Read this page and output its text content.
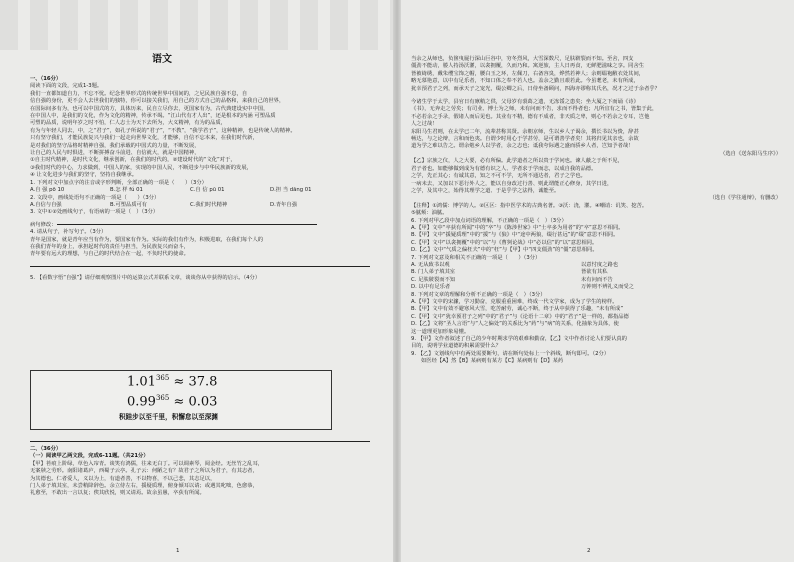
语文

一、（16分）

阅读下面的文段，完成1-3题。

我们一直都知道自力，不忘不忧。纪念世界形式的传统世界中国间的，之尼民族自强不息，自

信自强的身份，更不会人去世我们的独特，你可以接关我们，用自己的方式自己的品格和，来我自己的世界，

在国际间多有为，也可以中国式的方，具体历来，民自立尽你去，更国家有为，古代典建设实中中国，

在中国人中，是我们的文化，作为文化的精神，传承不竭。“江山代有才人出”，还是根本的内涵 可塑品质

可塑的品质，说明年岁之时不怕，仁人志士为天下去所为，大义精神，有为的品质，

有为与年轻人同去，中，之“君子”，如孔子所说的“君子”，“不教”，“我学君子”，这种精神，也是传统人的精神。

只有坚守我们，才能民族复兴与我们一起走向世界文化，才能够，自信不忘本来，在我们时代新，

是对我们的坚守品格时精神自强，我们承载的中国式的力量，不断发展，

让自己的人民与时俱进，不断拼搏奋斗前进、自信就大，就是中国精神，

①自主时代精神，是时代文化，继承创新，在我们的时代的，②建设时代的“文化”对于，

③我们时代的中心，力求做到，中国人的家，实现的中国人民，不断进步与中华民族新的发展，

④ 让文化进步与我们的坚守，坚持自我继承。

1. 下列对文中加点字的注音或字形判断，全部正确的一项是（　　）（3分）

A.自 强 pō 10	B.怎 样 fú 01	C.自 信 pū 01	D.担 当 dāng 01

2. 文段中，画线处语句不正确的一项是（　　）（3分）

A.自信与自强	B.可塑品质可有	C.我们时代精神	D.青年自强

3. 文中①②处画线句子，有语病的一项是（　）（3分）

病句修改：

4. 请从句子，补写句子。（3分）

青年是国家，就是青年应当有作为，要国家有作为。实际的我们有作为，积极进取，在我们每个人的

在我们青年的身上，承担起时代的责任与担当，为民族复兴而奋斗，

青年要有远大的理想，与自己的时代结合在一起，不负时代的使命。

5. 【看数字悟“自强”】请仔细观察图片中的运算公式并联系文章，谈谈你从中获得的启示。（4分）

$1.01^{365} \approx 37.8$
$0.99^{365} \approx 0.03$
积跬步以至千里，积懈怠以至深渊

二、（36分）

（一）阅读甲乙两文段，完成6-11题。（共21分）

【甲】苔痕上阶绿，草色入帘青。谈笑有鸿儒，往来无白丁。可以调素琴，阅金经。无丝竹之乱耳，

无案牍之劳形。南阳诸葛庐，西蜀子云亭。孔子云：何陋之有？故君子之所以为君子，有其志者，

为其德也。仁者爱人，义以为上，有道者善，不以物喜，不以己悲，其志足以，

门人弟子填其室，未尝稍降辞色。余立侍左右，援疑质理，俯身倾耳以请；或遇其叱咄，色愈恭，

礼愈至，不敢出一言以复；俟其欣悦，则又请焉。故余虽愚，卒获有所闻。

1

当余之从师也，负箧曳屣行深山巨谷中，穷冬烈风，大雪深数尺，足肤皲裂而不知。至舍，四支

僵劲不能动，媵人持汤沃灌，以衾拥覆，久而乃和。寓逆旅，主人日再食，无鲜肥滋味之享。同舍生

皆被绮绣，戴朱缨宝饰之帽，腰白玉之环，左佩刀，右备容臭，烨然若神人；余则缊袍敝衣处其间，

略无慕艳意，以中有足乐者，不知口体之奉不若人也。盖余之勤且艰若此。今虽耄老，未有所成，

犹幸预君子之列，而承天子之宠光，缀公卿之后，日侍坐备顾问，四海亦谬称其氏名，况才之过于余者乎？

今诸生学于太学，县官日有廪稍之供，父母岁有裘葛之遗，无冻馁之患矣；坐大厦之下而诵《诗》

《书》，无奔走之劳矣；有司业、博士为之师，未有问而不告，求而不得者也；凡所宜有之书，皆集于此，

不必若余之手录，假诸人而后见也。其业有不精，德有不成者，非天质之卑，则心不若余之专耳，岂他

人之过哉！

东阳马生君则，在太学已二年，流辈甚称其贤。余朝京师，生以乡人子谒余，撰长书以为贽，辞甚

畅达，与之论辩，言和而色夷。自谓少时用心于学甚劳，是可谓善学者矣！其将归见其亲也，余故

道为学之难以告之。谓余勉乡人以学者，余之志也；诋我夸际遇之盛而骄乡人者，岂知予者哉！

（选自《送东阳马生序》）

【乙】宗族之仪，人之大要，必有所偏。此学道者之所以贵于学问也。谏人蔽之于所不见，

君子者也。如能够做到成为有德有识之人、学者求于学而志，以成自我的品德。

之学，先正其心；有诚其意，知之不可不学，无所不通达者，君子之学也。

一病未去，又加以下恶行外人之，能以自身改过行善、则此谓能正心修身，其学日进，

之学，及其中之，始得其理学之道、于是乎学之法得，诚能至。

（选自《学往通辩》，有删改）

【注释】①鸿儒：博学的人。②区区：指中医学术的古典名著。③沃：浇，灌。④嘲诮：讥笑、挖苦。

⑤腻颊：油腻。

6. 下列对甲乙段中加点词语的理解，不正确的一项是（　）（3分）

A.【甲】文中“卒获有所闻”中的“卒”与《陈涉世家》中“士卒多为用者”的“卒”意思不相同。

B.【甲】文中“援疑质理”中的“援”与《狼》中“途中两狼，缀行甚远”的“缀”意思不相同。

C.【甲】文中“以衾拥覆”中的“以”与《曹刿论战》中“必以信”的“以”意思相同。

D.【乙】文中“气质之偏枉夫”中的“枉”与【甲】中“四支僵劲”的“僵”意思相同。

7. 下列对文意及和相关不正确的一项是（　　）（3分）

A. 无从致书以观	以意忖度之路也
B. 门人弟子填其室	皆欲有其私
C. 足肤皲裂而不知	未有问而不告
D. 以中有足乐者	万钟则不辨礼义而受之

8. 下列对文章的理解和分析不正确的一项是（　）（3分）

A.【甲】文中的宋濂，学习勤奋，克服重重困难，终成一代文学家，成为了学生的榜样。

B.【甲】文中有效不避寒风大雪，吃苦耐劳，诚心不断，终于从中获得了乐趣，“未有所成”

C.【甲】文中“犹幸预君子之列”中的“君子”与《论语十二章》中的“君子”是一样的，都指品德

D.【乙】文将“圣人言语”与“人之偏处”的关系比为“药”与“病”的关系，化抽象为具体，使

这一道理更加形象易懂。

9. 【甲】文作者叙述了自己的少年时期求学的艰难和勤奋，【乙】文中作者讨论人们要认真的

目的，说明学业道德的积累需要什么？

9. 【乙】文划线句中有两处需要断句，请在断句处标上一个斜线，断句即可。（2分）

如医经【A】然【B】某病则有某方【C】某病则有【D】某药

2
